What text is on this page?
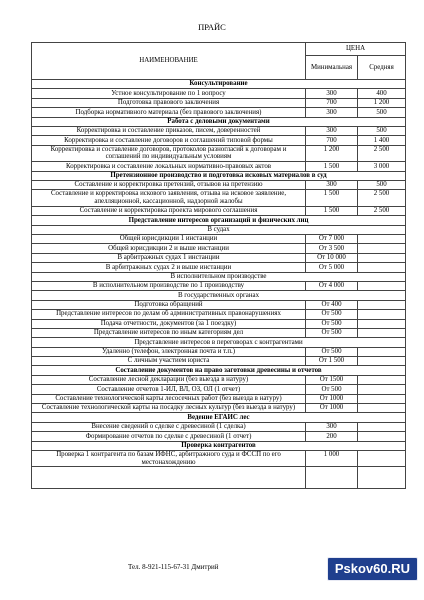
ПРАЙС
НАИМЕНОВАНИЕ	ЦЕНА	
	Минимальная	Средняя
Консультирование		
Устное консультирование по 1 вопросу	300	400
Подготовка правового заключения	700	1 200
Подборка нормативного материала (без правового заключения)	300	500
Работа с деловыми документами		
Корректировка и составление приказов, писем, доверенностей	300	500
Корректировка и составление договоров и соглашений типовой формы	700	1 400
Корректировка и составление договоров, протоколов разногласий к договорам и соглашений по индивидуальным условиям	1 200	2 500
Корректировка и составление локальных нормативно-правовых актов	1 500	3 000
Претензионное производство и подготовка исковых материалов в суд		
Составление и корректировка претензий, отзывов на претензию	300	500
Составление и корректировка искового заявления, отзыва на исковое заявление, апелляционной, кассационной, надзорной жалобы	1 500	2 500
Составление и корректировка проекта мирового соглашения	1 500	2 500
Представление интересов организаций и физических лиц		
В судах		
Общей юрисдикции 1 инстанции	От 7 000	
Общей юрисдикции 2 и выше инстанции	От 3 500	
В арбитражных судах 1 инстанции	От 10 000	
В арбитражных судах 2 и выше инстанции	От 5 000	
В исполнительном производстве		
В исполнительном производстве по 1 производству	От 4 000	
В государственных органах		
Подготовка обращений	От 400	
Представление интересов по делам об административных правонарушениях	От 500	
Подача отчетности, документов (за 1 поездку)	От 500	
Представление интересов по иным категориям дел	От 500	
Представление интересов в переговорах с контрагентами		
Удаленно (телефон, электронная почта и т.п.)	От 500	
С личным участием юриста	От 1 500	
Составление документов на право заготовки древесины и отчетов		
Составление лесной декларации (без выезда в натуру)	От 1500	
Составление отчетов 1-ИЛ, ВЛ, ОЗ, ОЛ (1 отчет)	От 500	
Составление технологической карты лесосечных работ (без выезда в натуру)	От 1000	
Составление технологической карты на посадку лесных культур (без выезда в натуру)	От 1000	
Ведение ЕГАИС лес		
Внесение сведений о сделке с древесиной (1 сделка)	300	
Формирование отчетов по сделке с древесиной (1 отчет)	200	
Проверка контрагентов		
Проверка 1 контрагента по базам ИФНС, арбитражного суда и ФССП по его местонахождению	1 000	

Тел. 8-921-115-67-31 Дмитрий	Pskov60.RU
